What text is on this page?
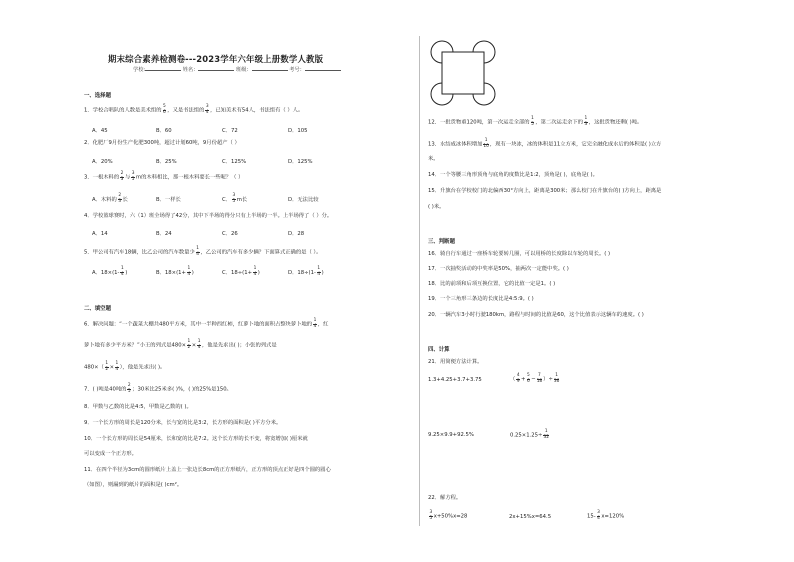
期末综合素养检测卷---2023学年六年级上册数学人教版
学校:	姓名：	班级：	考号：
一、选择题
1．学校合唱队的人数是美术组的 $\frac{5}{6}$ ，又是书法组的 $\frac{3}{4}$ ，已知美术有54人，书法组有（ ）人。
A．45	B．60	C．72	D．105
2．化肥厂9月份生产化肥300吨，超过计划60吨，9月份超产（ ）
A．20%	B．25%	C．125%	D．125%
3．一根木料的 $\frac{2}{3}$ 与 $\frac{3}{5}$ m的木料相比，那一根木料要长一些呢？（ ）
A．木料的 $\frac{2}{3}$ 长	B．一样长	C． $\frac{3}{5}$ m长	D．无法比较
4．学校篮球赛时，六（1）班全场得了42分，其中下半场的得分只有上半场的一半。上半场得了（ ）分。
A．14	B．24	C．26	D．28
5．甲公司有汽车18辆，比乙公司的汽车数量少 $\frac{1}{4}$ ，乙公司的汽车有多少辆？下面算式正确的是（ ）。
A．$18\times(1- \frac{1}{4}$ )	B．$18\times(1+ \frac{1}{4}$ )	C．$18\div(1+ \frac{1}{4}$ )	D．$18\div(1- \frac{1}{4}$ )
二、填空题
6．解决问题：“一个蔬菜大棚共480平方米，其中一半种西红柿，红萝卜地的面积占整块萝卜地的 $\frac{1}{4}$ ，红
萝卜地有多少平方米？”小王的列式是$480\times \frac{1}{2} \times \frac{1}{4}$ ，他是先求出( )；小张的列式是
$480\times( \frac{1}{2} \times \frac{1}{4}$ ），他是先求出( )。
7．( )吨是40吨的 $\frac{2}{5}$ ；30米比25米多( )%，( )的25%是150。
8．甲数与乙数的比是4:5，甲数是乙数的( )。
9．一个长方形的周长是120分米，长与宽的比是3:2，长方形的面积是( )平方分米。
10．一个长方形的周长是54厘米，长和宽的比是7:2。这个长方形的长不变，将宽增加( )厘米就
可以变成一个正方形。
11．在四个半径为3cm的圆形纸片上盖上一张边长8cm的正方形纸片，正方形的顶点正好是四个圆的圆心
（如图），则漏到的纸片的面积是( )cm²。
12．一批货物重120吨，第一次运走全部的 $\frac{1}{5}$ ，第二次运走余下的 $\frac{1}{3}$ ，这批货物还剩( )吨。
13．水结成冰体积增加 $\frac{1}{10}$ ，现有一块冰，冰的体积是11立方米，它完全融化成水后的体积是( )立方
米。
14．一个等腰三角形顶角与底角的度数比是1:2，顶角是( )，底角是( )。
15．升旗台在学校校门的北偏西30°方向上，距离是300米；那么校门在升旗台的( )方向上，距离是
( )米。
三、判断题
16．骑自行车通过一座桥车轮要转几圈，可以用桥的长度除以车轮的周长。( )
17．一次抽奖活动的中奖率是50%，抽两次一定能中奖。( )
18．比的前项和后项互换位置，它的比值一定是1。( )
19．一个三角形三条边的长度比是4:5:9。( )
20．一辆汽车3小时行驶180km，路程与时间的比值是60，这个比值表示这辆车的速度。( )
四、计算
21．用简便方法计算。
1.3+4.25+3.7+3.75	（ $\frac{4}{9} + \frac{5}{6} - \frac{7}{18}$ ）÷ $\frac{1}{36}$
9.25×9.9+92.5%	$0.25\times 1.25\div \frac{1}{32}$
22．解方程。
$\frac{3}{5} x+50\%x=28$	2x+15%x=64.5	$15- \frac{3}{4} x=120\%$
